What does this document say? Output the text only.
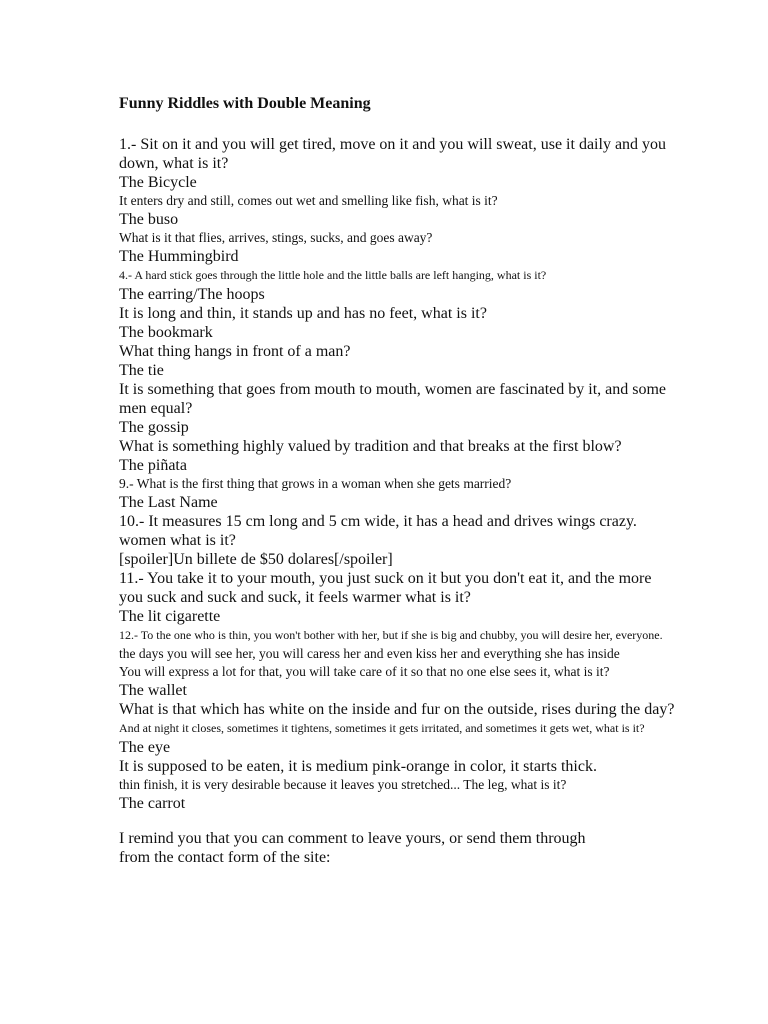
Funny Riddles with Double Meaning

1.- Sit on it and you will get tired, move on it and you will sweat, use it daily and you

down, what is it?

The Bicycle

It enters dry and still, comes out wet and smelling like fish, what is it?

The buso

What is it that flies, arrives, stings, sucks, and goes away?

The Hummingbird

4.- A hard stick goes through the little hole and the little balls are left hanging, what is it?

The earring/The hoops

It is long and thin, it stands up and has no feet, what is it?

The bookmark

What thing hangs in front of a man?

The tie

It is something that goes from mouth to mouth, women are fascinated by it, and some

men equal?

The gossip

What is something highly valued by tradition and that breaks at the first blow?

The piñata

9.- What is the first thing that grows in a woman when she gets married?

The Last Name

10.- It measures 15 cm long and 5 cm wide, it has a head and drives wings crazy.

women what is it?

[spoiler]Un billete de $50 dolares[/spoiler]

11.- You take it to your mouth, you just suck on it but you don't eat it, and the more

you suck and suck and suck, it feels warmer what is it?

The lit cigarette

12.- To the one who is thin, you won't bother with her, but if she is big and chubby, you will desire her, everyone.

the days you will see her, you will caress her and even kiss her and everything she has inside

You will express a lot for that, you will take care of it so that no one else sees it, what is it?

The wallet

What is that which has white on the inside and fur on the outside, rises during the day?

And at night it closes, sometimes it tightens, sometimes it gets irritated, and sometimes it gets wet, what is it?

The eye

It is supposed to be eaten, it is medium pink-orange in color, it starts thick.

thin finish, it is very desirable because it leaves you stretched... The leg, what is it?

The carrot

I remind you that you can comment to leave yours, or send them through

from the contact form of the site:
